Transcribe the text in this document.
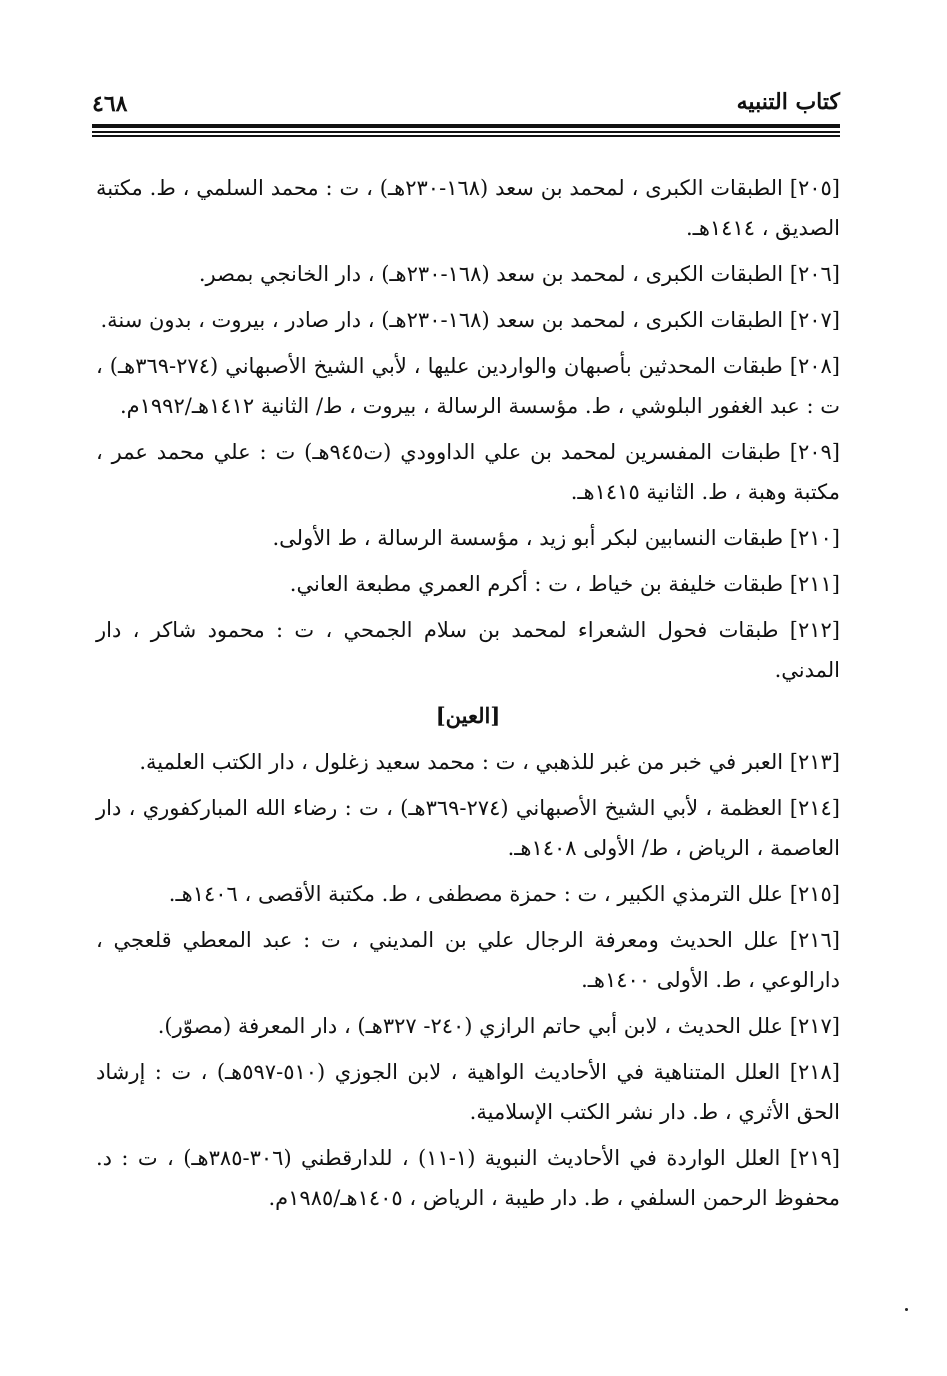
كتاب التنبيه
٤٦٨

[٢٠٥] الطبقات الكبرى ، لمحمد بن سعد (١٦٨-٢٣٠هـ) ، ت : محمد السلمي ، ط. مكتبة الصديق ، ١٤١٤هـ.

[٢٠٦] الطبقات الكبرى ، لمحمد بن سعد (١٦٨-٢٣٠هـ) ، دار الخانجي بمصر.

[٢٠٧] الطبقات الكبرى ، لمحمد بن سعد (١٦٨-٢٣٠هـ) ، دار صادر ، بيروت ، بدون سنة.

[٢٠٨] طبقات المحدثين بأصبهان والواردين عليها ، لأبي الشيخ الأصبهاني (٢٧٤-٣٦٩هـ) ، ت : عبد الغفور البلوشي ، ط. مؤسسة الرسالة ، بيروت ، ط/ الثانية ١٤١٢هـ/١٩٩٢م.

[٢٠٩] طبقات المفسرين لمحمد بن علي الداوودي (ت٩٤٥هـ) ت : علي محمد عمر ، مكتبة وهبة ، ط. الثانية ١٤١٥هـ.

[٢١٠] طبقات النسابين لبكر أبو زيد ، مؤسسة الرسالة ، ط الأولى.

[٢١١] طبقات خليفة بن خياط ، ت : أكرم العمري مطبعة العاني.

[٢١٢] طبقات فحول الشعراء لمحمد بن سلام الجمحي ، ت : محمود شاكر ، دار المدني.

[العين]

[٢١٣] العبر في خبر من غبر للذهبي ، ت : محمد سعيد زغلول ، دار الكتب العلمية.

[٢١٤] العظمة ، لأبي الشيخ الأصبهاني (٢٧٤-٣٦٩هـ) ، ت : رضاء الله المباركفوري ، دار العاصمة ، الرياض ، ط/ الأولى ١٤٠٨هـ.

[٢١٥] علل الترمذي الكبير ، ت : حمزة مصطفى ، ط. مكتبة الأقصى ، ١٤٠٦هـ.

[٢١٦] علل الحديث ومعرفة الرجال علي بن المديني ، ت : عبد المعطي قلعجي ، دارالوعي ، ط. الأولى ١٤٠٠هـ.

[٢١٧] علل الحديث ، لابن أبي حاتم الرازي (٢٤٠- ٣٢٧هـ) ، دار المعرفة (مصوّر).

[٢١٨] العلل المتناهية في الأحاديث الواهية ، لابن الجوزي (٥١٠-٥٩٧هـ) ، ت : إرشاد الحق الأثري ، ط. دار نشر الكتب الإسلامية.

[٢١٩] العلل الواردة في الأحاديث النبوية (١-١١) ، للدارقطني (٣٠٦-٣٨٥هـ) ، ت : د. محفوظ الرحمن السلفي ، ط. دار طيبة ، الرياض ، ١٤٠٥هـ/١٩٨٥م.
